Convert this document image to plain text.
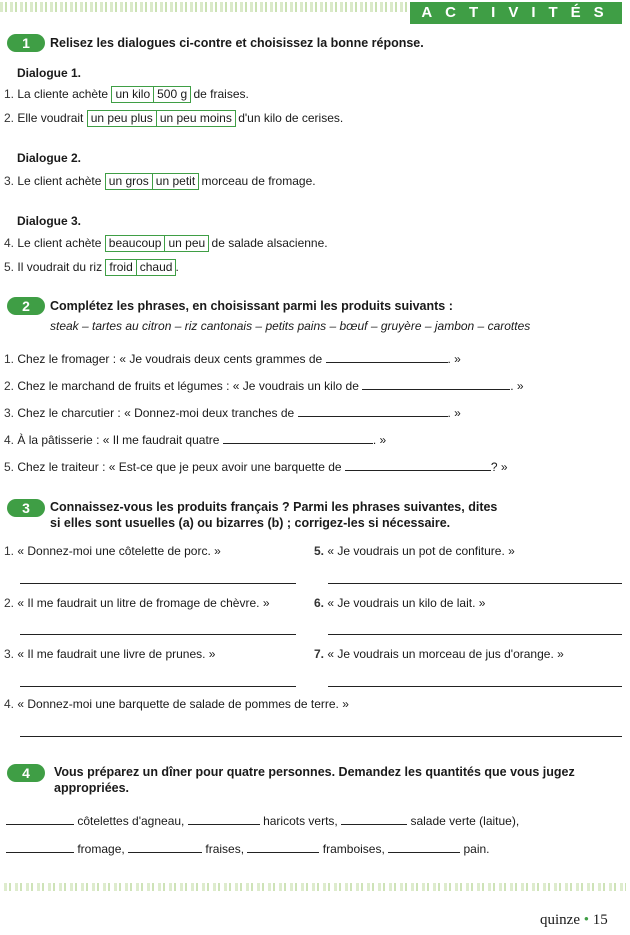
ACTIVITÉS
1	Relisez les dialogues ci-contre et choisissez la bonne réponse.
Dialogue 1.
1. La cliente achète un kilo 500 g de fraises.
2. Elle voudrait un peu plus un peu moins d'un kilo de cerises.
Dialogue 2.
3. Le client achète un gros un petit morceau de fromage.
Dialogue 3.
4. Le client achète beaucoup un peu de salade alsacienne.
5. Il voudrait du riz froid chaud .
2	Complétez les phrases, en choisissant parmi les produits suivants :
steak – tartes au citron – riz cantonais – petits pains – bœuf – gruyère – jambon – carottes
1. Chez le fromager : « Je voudrais deux cents grammes de	. »
2. Chez le marchand de fruits et légumes : « Je voudrais un kilo de	. »
3. Chez le charcutier : « Donnez-moi deux tranches de	. »
4. À la pâtisserie : « Il me faudrait quatre	. »
5. Chez le traiteur : « Est-ce que je peux avoir une barquette de	? »
3	Connaissez-vous les produits français ? Parmi les phrases suivantes, dites
si elles sont usuelles (a) ou bizarres (b) ; corrigez-les si nécessaire.
1. « Donnez-moi une côtelette de porc. »
2. « Il me faudrait un litre de fromage de chèvre. »
3. « Il me faudrait une livre de prunes. »
5. « Je voudrais un pot de confiture. »
6. « Je voudrais un kilo de lait. »
7. « Je voudrais un morceau de jus d'orange. »
4. « Donnez-moi une barquette de salade de pommes de terre. »
4	Vous préparez un dîner pour quatre personnes. Demandez les quantités que vous jugez
appropriées.
côtelettes d'agneau,	haricots verts,	salade verte (laitue),
fromage,	fraises,	framboises,	pain.
quinze • 15
